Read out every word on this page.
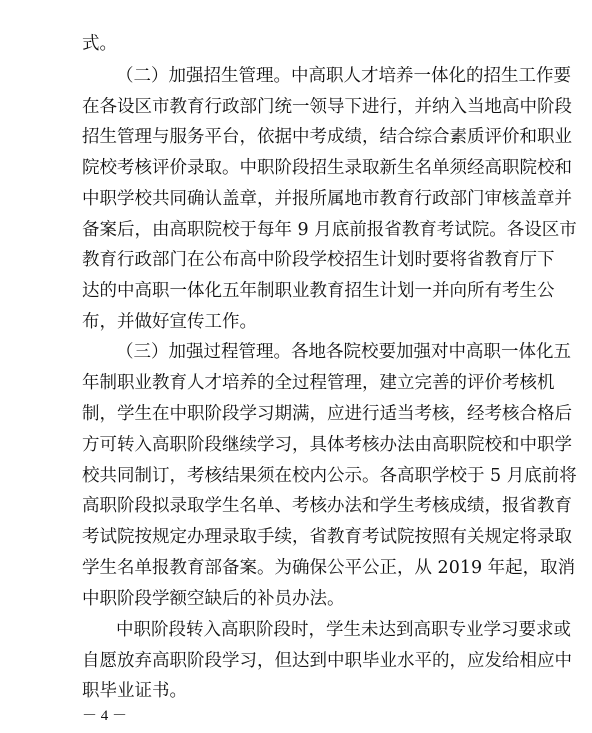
式。
（二）加强招生管理。中高职人才培养一体化的招生工作要
在各设区市教育行政部门统一领导下进行，并纳入当地高中阶段
招生管理与服务平台，依据中考成绩，结合综合素质评价和职业
院校考核评价录取。中职阶段招生录取新生名单须经高职院校和
中职学校共同确认盖章，并报所属地市教育行政部门审核盖章并
备案后，由高职院校于每年 9 月底前报省教育考试院。各设区市
教育行政部门在公布高中阶段学校招生计划时要将省教育厅下
达的中高职一体化五年制职业教育招生计划一并向所有考生公
布，并做好宣传工作。
（三）加强过程管理。各地各院校要加强对中高职一体化五
年制职业教育人才培养的全过程管理，建立完善的评价考核机
制，学生在中职阶段学习期满，应进行适当考核，经考核合格后
方可转入高职阶段继续学习，具体考核办法由高职院校和中职学
校共同制订，考核结果须在校内公示。各高职学校于 5 月底前将
高职阶段拟录取学生名单、考核办法和学生考核成绩，报省教育
考试院按规定办理录取手续，省教育考试院按照有关规定将录取
学生名单报教育部备案。为确保公平公正，从 2019 年起，取消
中职阶段学额空缺后的补员办法。
中职阶段转入高职阶段时，学生未达到高职专业学习要求或
自愿放弃高职阶段学习，但达到中职毕业水平的，应发给相应中
职毕业证书。
－ 4 －
